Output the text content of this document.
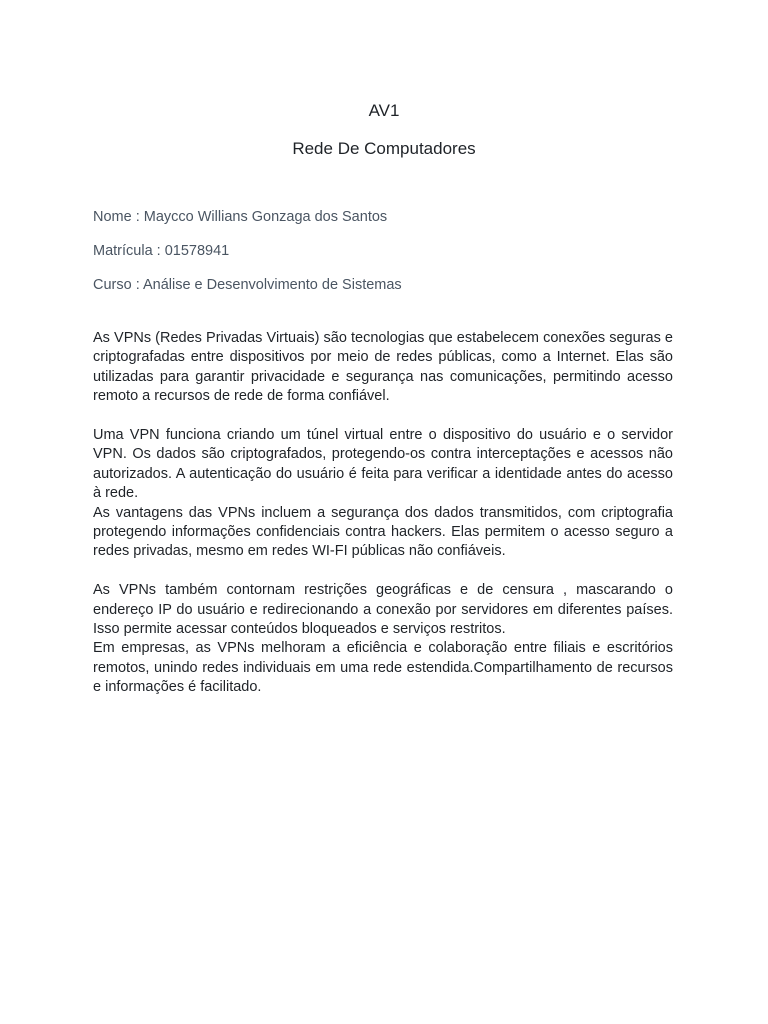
AV1
Rede De Computadores
Nome : Maycco Willians Gonzaga dos Santos
Matrícula : 01578941
Curso : Análise e Desenvolvimento de Sistemas

As VPNs (Redes Privadas Virtuais) são tecnologias que estabelecem conexões seguras e criptografadas entre dispositivos por meio de redes públicas, como a Internet. Elas são utilizadas para garantir privacidade e segurança nas comunicações, permitindo acesso remoto a recursos de rede de forma confiável.

Uma VPN funciona criando um túnel virtual entre o dispositivo do usuário e o servidor VPN. Os dados são criptografados, protegendo-os contra interceptações e acessos não autorizados. A autenticação do usuário é feita para verificar a identidade antes do acesso à rede.

As vantagens das VPNs incluem a segurança dos dados transmitidos, com criptografia protegendo informações confidenciais contra hackers. Elas permitem o acesso seguro a redes privadas, mesmo em redes WI-FI públicas não confiáveis.

As VPNs também contornam restrições geográficas e de censura , mascarando o endereço IP do usuário e redirecionando a conexão por servidores em diferentes países. Isso permite acessar conteúdos bloqueados e serviços restritos.

Em empresas, as VPNs melhoram a eficiência e colaboração entre filiais e escritórios remotos, unindo redes individuais em uma rede estendida.Compartilhamento de recursos e informações é facilitado.
